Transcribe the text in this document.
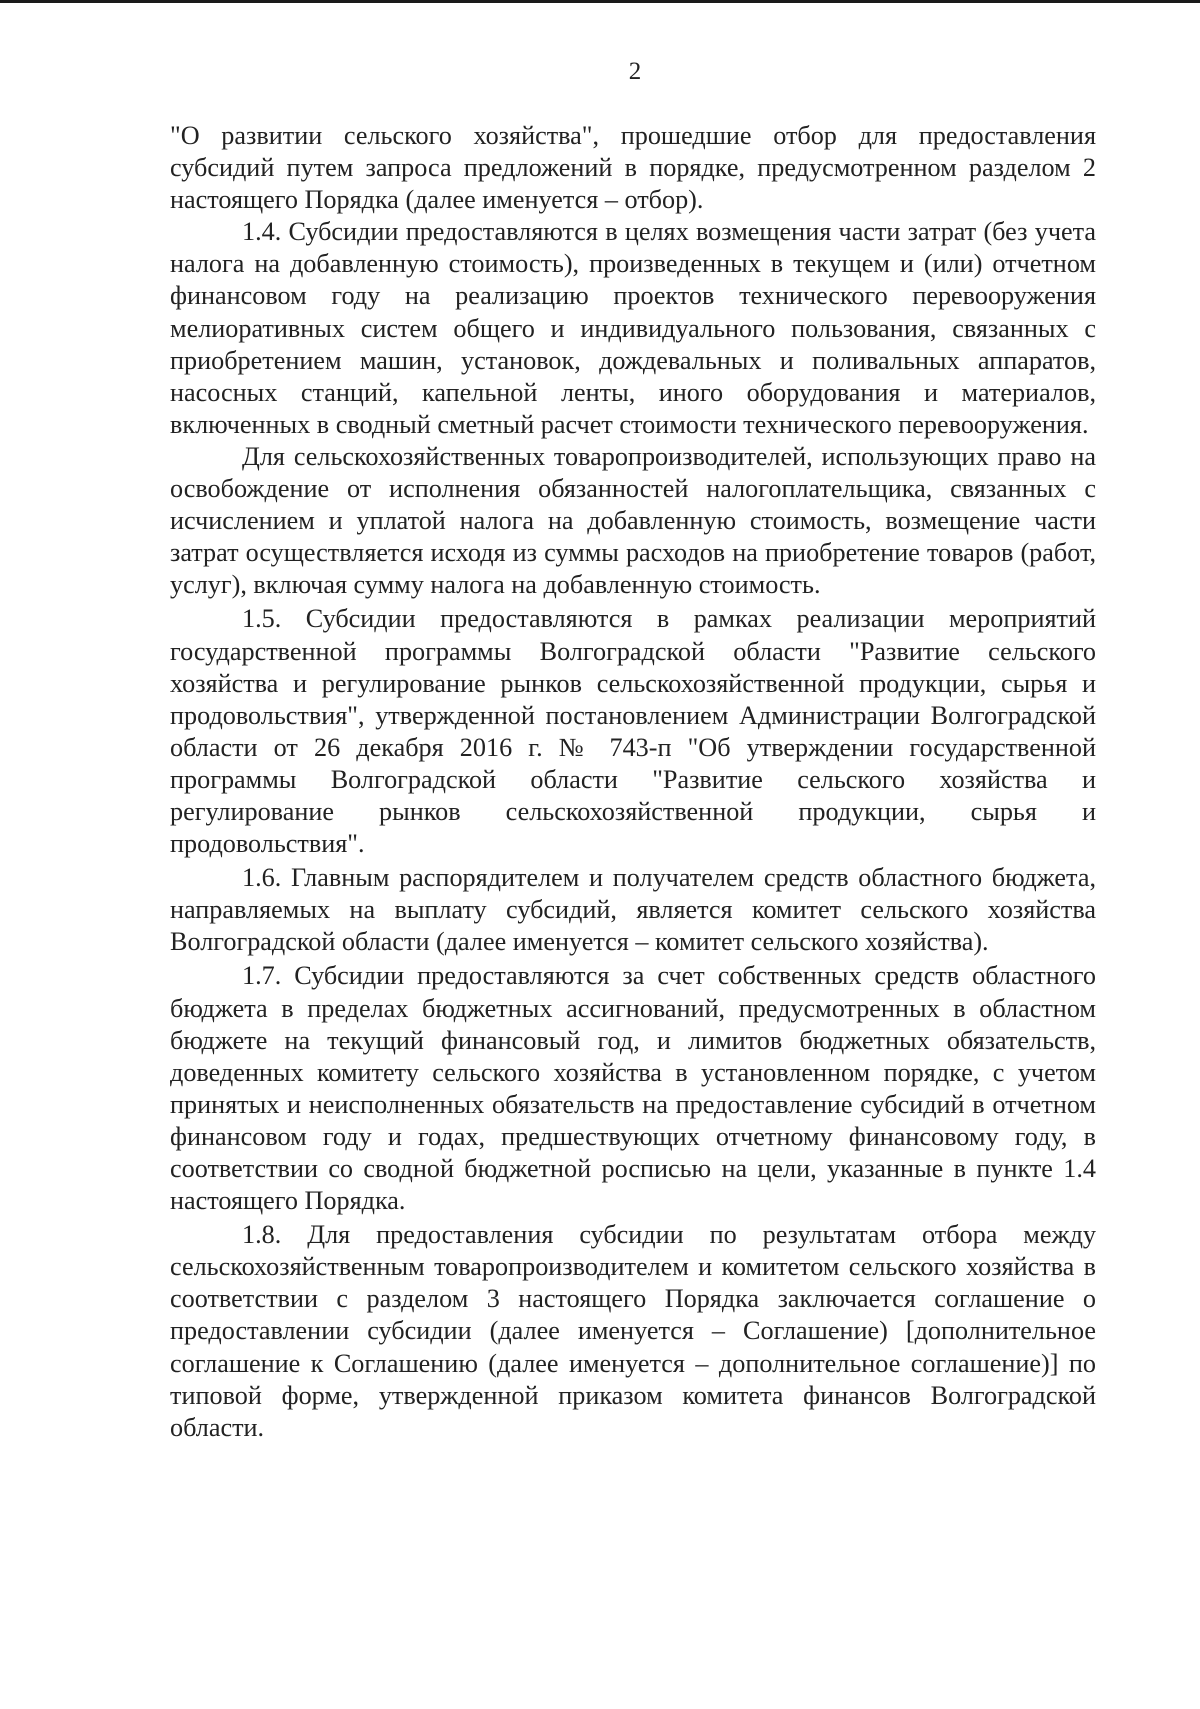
2

"О развитии сельского хозяйства", прошедшие отбор для предоставления субсидий путем запроса предложений в порядке, предусмотренном разделом 2 настоящего Порядка (далее именуется – отбор).

1.4. Субсидии предоставляются в целях возмещения части затрат (без учета налога на добавленную стоимость), произведенных в текущем и (или) отчетном финансовом году на реализацию проектов технического перевооружения мелиоративных систем общего и индивидуального пользования, связанных с приобретением машин, установок, дождевальных и поливальных аппаратов, насосных станций, капельной ленты, иного оборудования и материалов, включенных в сводный сметный расчет стоимости технического перевооружения.

Для сельскохозяйственных товаропроизводителей, использующих право на освобождение от исполнения обязанностей налогоплательщика, связанных с исчислением и уплатой налога на добавленную стоимость, возмещение части затрат осуществляется исходя из суммы расходов на приобретение товаров (работ, услуг), включая сумму налога на добавленную стоимость.

1.5. Субсидии предоставляются в рамках реализации мероприятий государственной программы Волгоградской области "Развитие сельского хозяйства и регулирование рынков сельскохозяйственной продукции, сырья и продовольствия", утвержденной постановлением Администрации Волгоградской области от 26 декабря 2016 г. № 743-п "Об утверждении государственной программы Волгоградской области "Развитие сельского хозяйства и регулирование рынков сельскохозяйственной продукции, сырья и продовольствия".

1.6. Главным распорядителем и получателем средств областного бюджета, направляемых на выплату субсидий, является комитет сельского хозяйства Волгоградской области (далее именуется – комитет сельского хозяйства).

1.7. Субсидии предоставляются за счет собственных средств областного бюджета в пределах бюджетных ассигнований, предусмотренных в областном бюджете на текущий финансовый год, и лимитов бюджетных обязательств, доведенных комитету сельского хозяйства в установленном порядке, с учетом принятых и неисполненных обязательств на предоставление субсидий в отчетном финансовом году и годах, предшествующих отчетному финансовому году, в соответствии со сводной бюджетной росписью на цели, указанные в пункте 1.4 настоящего Порядка.

1.8. Для предоставления субсидии по результатам отбора между сельскохозяйственным товаропроизводителем и комитетом сельского хозяйства в соответствии с разделом 3 настоящего Порядка заключается соглашение о предоставлении субсидии (далее именуется – Соглашение) [дополнительное соглашение к Соглашению (далее именуется – дополнительное соглашение)] по типовой форме, утвержденной приказом комитета финансов Волгоградской области.
